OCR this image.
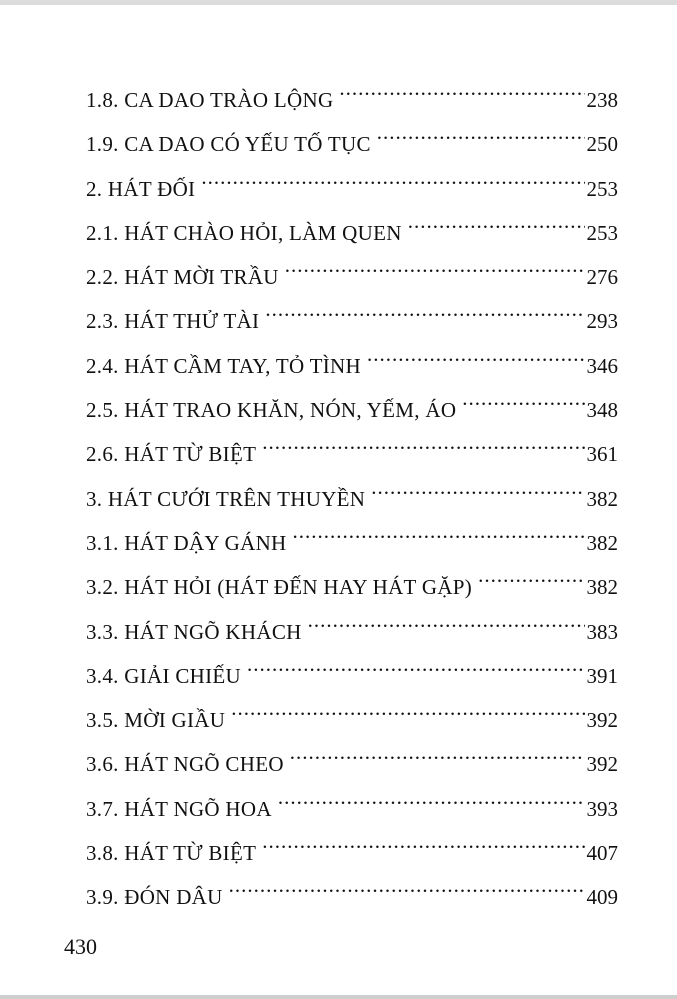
1.8. CA DAO TRÀO LỘNG .....	238
1.9. CA DAO CÓ YẾU TỐ TỤC .....	250
2. HÁT ĐỐI .....	253
2.1. HÁT CHÀO HỎI, LÀM QUEN .....	253
2.2. HÁT MỜI TRẦU .....	276
2.3. HÁT THỬ TÀI .....	293
2.4. HÁT CẦM TAY, TỎ TÌNH .....	346
2.5. HÁT TRAO KHĂN, NÓN, YẾM, ÁO .....	348
2.6. HÁT TỪ BIỆT .....	361
3. HÁT CƯỚI TRÊN THUYỀN .....	382
3.1. HÁT DẬY GÁNH .....	382
3.2. HÁT HỎI (HÁT ĐẾN HAY HÁT GẶP) .....	382
3.3. HÁT NGÕ KHÁCH .....	383
3.4. GIẢI CHIẾU .....	391
3.5. MỜI GIẦU .....	392
3.6. HÁT NGÕ CHEO .....	392
3.7. HÁT NGÕ HOA .....	393
3.8. HÁT TỪ BIỆT .....	407
3.9. ĐÓN DÂU .....	409
430
